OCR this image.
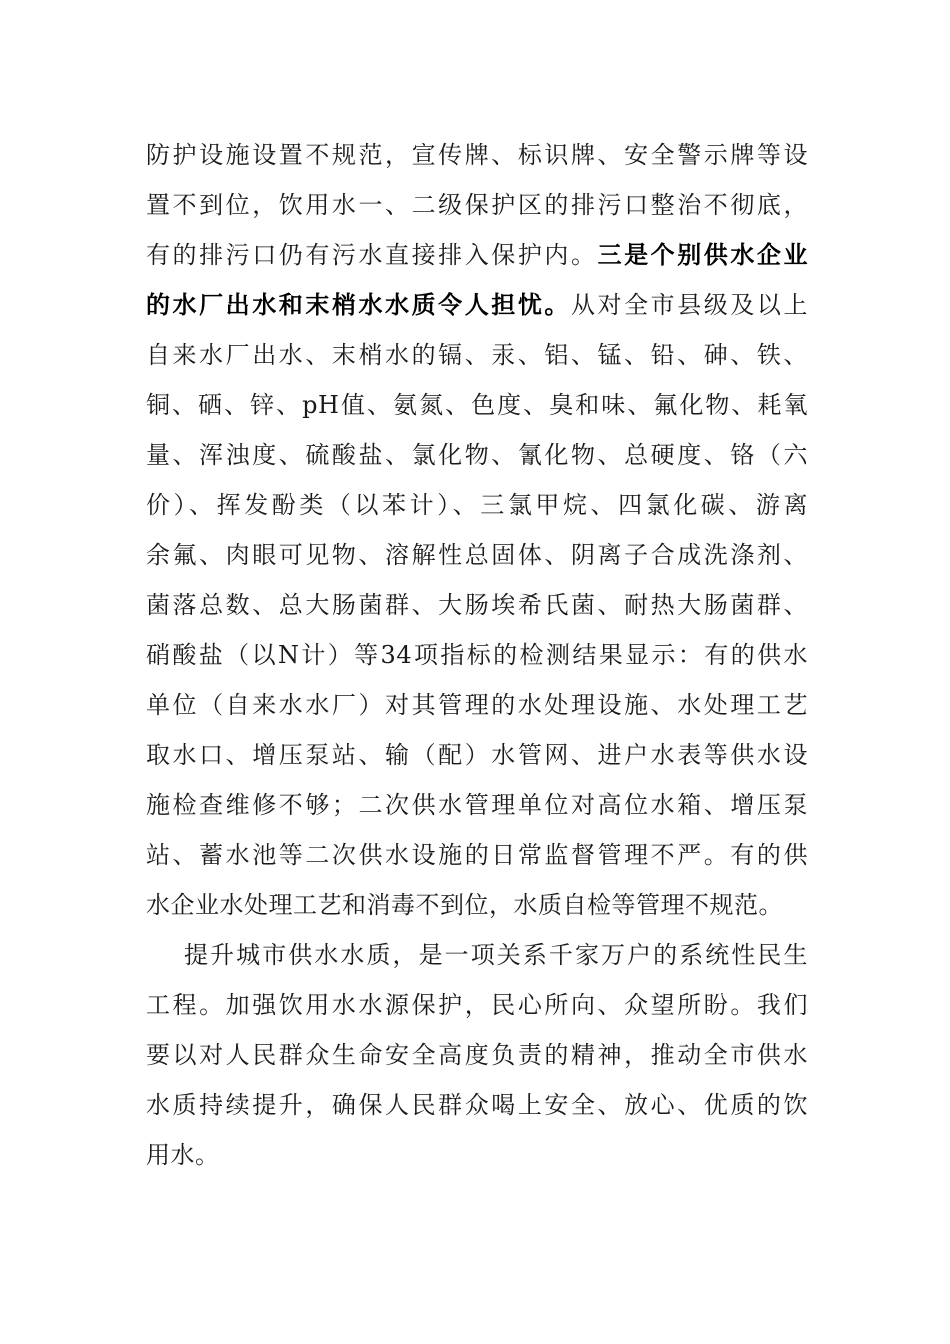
防护设施设置不规范，宣传牌、标识牌、安全警示牌等设
置不到位，饮用水一、二级保护区的排污口整治不彻底，
有的排污口仍有污水直接排入保护内。三是个别供水企业
的水厂出水和末梢水水质令人担忧。从对全市县级及以上
自来水厂出水、末梢水的镉、汞、铝、锰、铅、砷、铁、
铜、硒、锌、pH值、氨氮、色度、臭和味、氟化物、耗氧
量、浑浊度、硫酸盐、氯化物、氰化物、总硬度、铬（六
价）、挥发酚类（以苯计）、三氯甲烷、四氯化碳、游离
余氟、肉眼可见物、溶解性总固体、阴离子合成洗涤剂、
菌落总数、总大肠菌群、大肠埃希氏菌、耐热大肠菌群、
硝酸盐（以N计）等34项指标的检测结果显示：有的供水
单位（自来水水厂）对其管理的水处理设施、水处理工艺
取水口、增压泵站、输（配）水管网、进户水表等供水设
施检查维修不够；二次供水管理单位对高位水箱、增压泵
站、蓄水池等二次供水设施的日常监督管理不严。有的供
水企业水处理工艺和消毒不到位，水质自检等管理不规范。
提升城市供水水质，是一项关系千家万户的系统性民生
工程。加强饮用水水源保护，民心所向、众望所盼。我们
要以对人民群众生命安全高度负责的精神，推动全市供水
水质持续提升，确保人民群众喝上安全、放心、优质的饮
用水。
